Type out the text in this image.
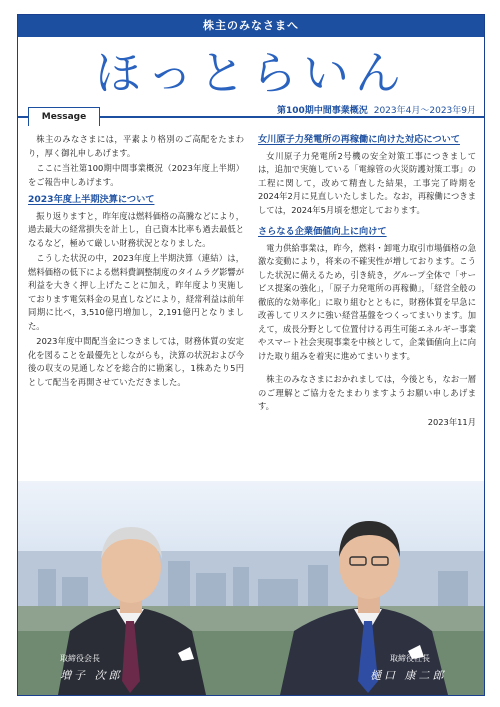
株主のみなさまへ
ほっとらいん
Message
第100期中間事業概況 2023年4月～2023年9月

株主のみなさまには，平素より格別のご高配をたまわり，厚く御礼申しあげます。

ここに当社第100期中間事業概況（2023年度上半期）をご報告申しあげます。

2023年度上半期決算について

振り返りますと，昨年度は燃料価格の高騰などにより，過去最大の経常損失を計上し，自己資本比率も過去最低となるなど，極めて厳しい財務状況となりました。

こうした状況の中，2023年度上半期決算（連結）は，燃料価格の低下による燃料費調整制度のタイムラグ影響が利益を大きく押し上げたことに加え，昨年度より実施しております電気料金の見直しなどにより，経常利益は前年同期に比べ，3,510億円増加し，2,191億円となりました。

2023年度中間配当金につきましては，財務体質の安定化を図ることを最優先としながらも，決算の状況および今後の収支の見通しなどを総合的に勘案し，1株あたり5円として配当を再開させていただきました。

女川原子力発電所の再稼働に向けた対応について

女川原子力発電所2号機の安全対策工事につきましては，追加で実施している「電線管の火災防護対策工事」の工程に関して，改めて精査した結果，工事完了時期を2024年2月に見直しいたしました。なお，再稼働につきましては，2024年5月頃を想定しております。

さらなる企業価値向上に向けて

電力供給事業は，昨今，燃料・卸電力取引市場価格の急激な変動により，将来の不確実性が増しております。こうした状況に備えるため，引き続き，グループ全体で「サービス提案の強化」，「原子力発電所の再稼働」，「経営全般の徹底的な効率化」に取り組むとともに，財務体質を早急に改善してリスクに強い経営基盤をつくってまいります。加えて，成長分野として位置付ける再生可能エネルギー事業やスマート社会実現事業を中核として，企業価値向上に向けた取り組みを着実に進めてまいります。

株主のみなさまにおかれましては，今後とも，なお一層のご理解とご協力をたまわりますようお願い申しあげます。

2023年11月
取締役会長
増子 次郎
取締役社長
樋口 康二郎
